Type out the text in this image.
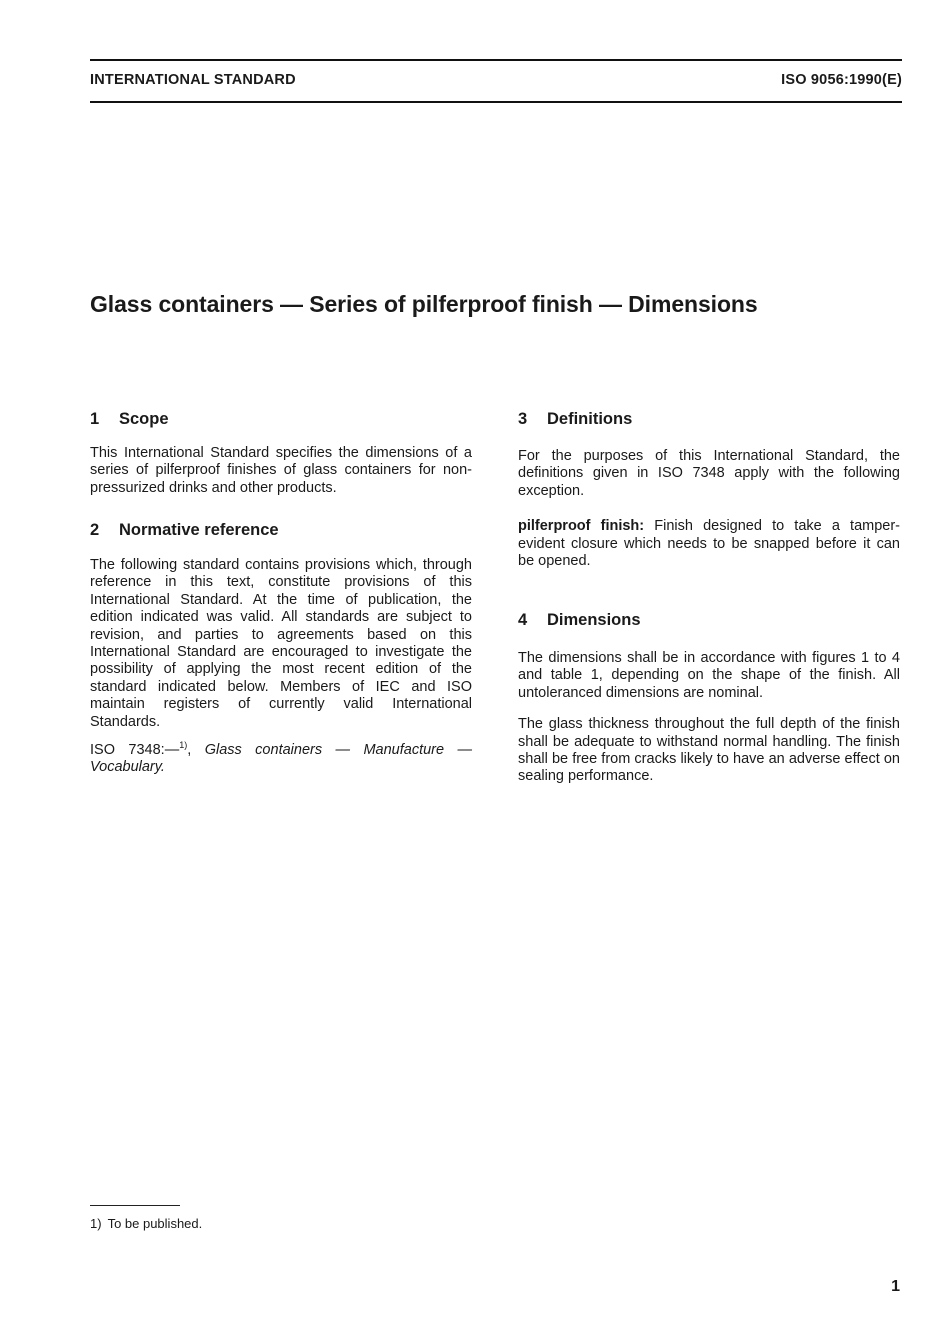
INTERNATIONAL STANDARD	ISO 9056:1990(E)
Glass containers — Series of pilferproof finish — Dimensions
1 Scope

This International Standard specifies the dimensions of a series of pilferproof finishes of glass containers for non-pressurized drinks and other products.

2 Normative reference

The following standard contains provisions which, through reference in this text, constitute provisions of this International Standard. At the time of publication, the edition indicated was valid. All standards are subject to revision, and parties to agreements based on this International Standard are encouraged to investigate the possibility of applying the most recent edition of the standard indicated below. Members of IEC and ISO maintain registers of currently valid International Standards.

ISO 7348:—$^{1)}$, Glass containers — Manufacture — Vocabulary.

3 Definitions

For the purposes of this International Standard, the definitions given in ISO 7348 apply with the following exception.

pilferproof finish: Finish designed to take a tamper-evident closure which needs to be snapped before it can be opened.

4 Dimensions

The dimensions shall be in accordance with figures 1 to 4 and table 1, depending on the shape of the finish. All untoleranced dimensions are nominal.

The glass thickness throughout the full depth of the finish shall be adequate to withstand normal handling. The finish shall be free from cracks likely to have an adverse effect on sealing performance.

1) To be published.
1
